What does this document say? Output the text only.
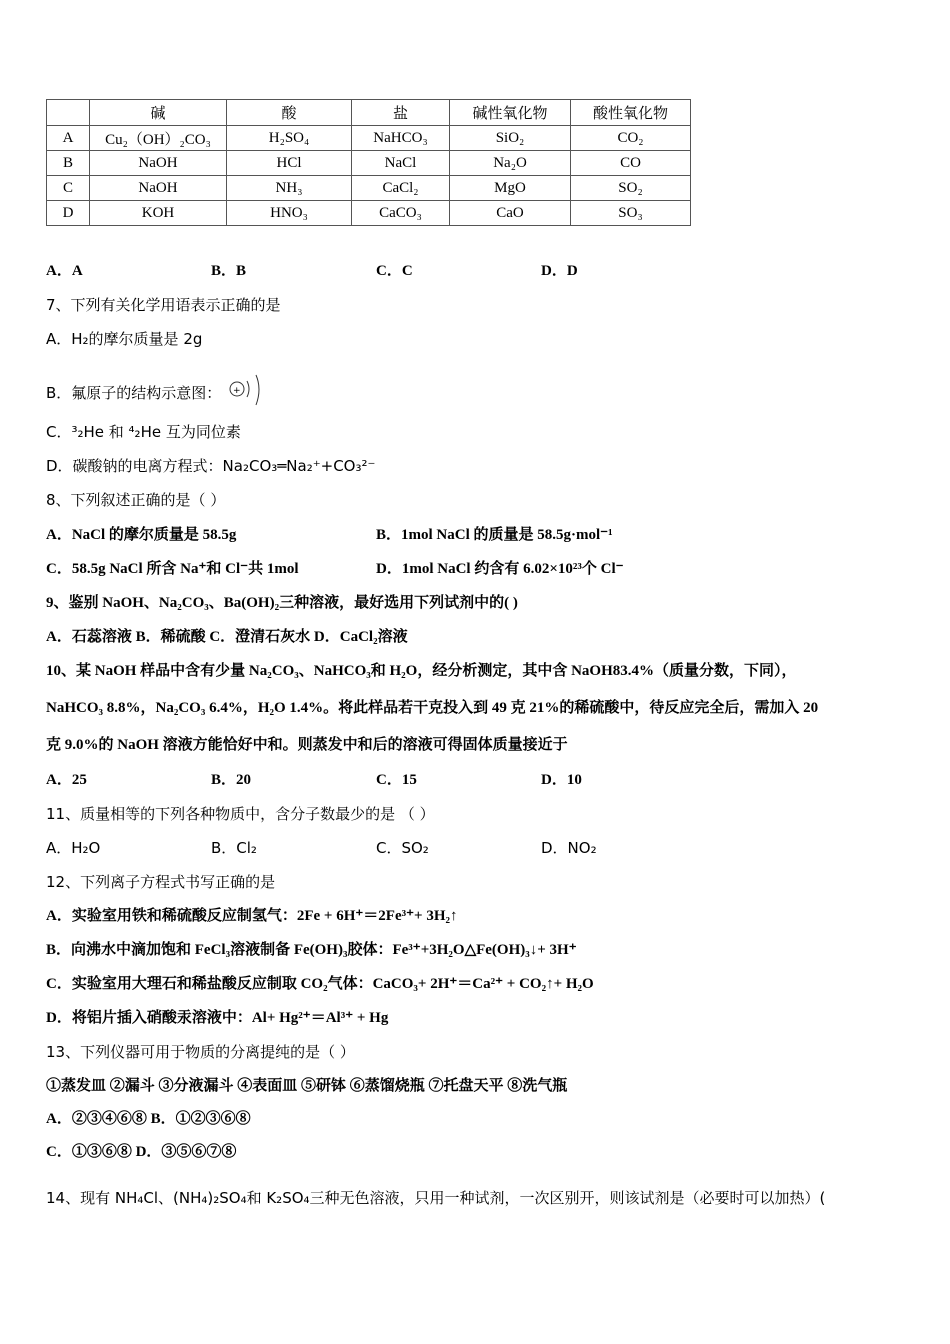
	碱	酸	盐	碱性氧化物	酸性氧化物
A	Cu₂（OH）₂CO₃	H₂SO₄	NaHCO₃	SiO₂	CO₂
B	NaOH	HCl	NaCl	Na₂O	CO
C	NaOH	NH₃	CaCl₂	MgO	SO₂
D	KOH	HNO₃	CaCO₃	CaO	SO₃
A．A	B．B	C．C	D．D
7、下列有关化学用语表示正确的是
A．H₂的摩尔质量是 2g
B．氟原子的结构示意图： +
C．³₂He 和 ⁴₂He 互为同位素
D．碳酸钠的电离方程式：Na₂CO₃═Na₂⁺+CO₃²⁻
8、下列叙述正确的是（ ）
A．NaCl 的摩尔质量是 58.5g	B．1mol NaCl 的质量是 58.5g·mol⁻¹
C．58.5g NaCl 所含 Na⁺和 Cl⁻共 1mol	D．1mol NaCl 约含有 6.02×10²³个 Cl⁻
9、鉴别 NaOH、Na₂CO₃、Ba(OH)₂三种溶液，最好选用下列试剂中的( )
A．石蕊溶液 B．稀硫酸 C．澄清石灰水 D．CaCl₂溶液
10、某 NaOH 样品中含有少量 Na₂CO₃、NaHCO₃和 H₂O，经分析测定，其中含 NaOH83.4%（质量分数，下同），
NaHCO₃ 8.8%，Na₂CO₃ 6.4%，H₂O 1.4%。将此样品若干克投入到 49 克 21%的稀硫酸中，待反应完全后，需加入 20
克 9.0%的 NaOH 溶液方能恰好中和。则蒸发中和后的溶液可得固体质量接近于
A．25	B．20	C．15	D．10
11、质量相等的下列各种物质中，含分子数最少的是 （ ）
A．H₂O	B．Cl₂	C．SO₂	D．NO₂
12、下列离子方程式书写正确的是
A．实验室用铁和稀硫酸反应制氢气：2Fe + 6H⁺＝2Fe³⁺+ 3H₂↑
B．向沸水中滴加饱和 FeCl₃溶液制备 Fe(OH)₃胶体：Fe³⁺+3H₂O△Fe(OH)₃↓+ 3H⁺
C．实验室用大理石和稀盐酸反应制取 CO₂气体：CaCO₃+ 2H⁺＝Ca²⁺ + CO₂↑+ H₂O
D．将铝片插入硝酸汞溶液中：Al+ Hg²⁺＝Al³⁺ + Hg
13、下列仪器可用于物质的分离提纯的是（ ）
①蒸发皿 ②漏斗 ③分液漏斗 ④表面皿 ⑤研钵 ⑥蒸馏烧瓶 ⑦托盘天平 ⑧洗气瓶
A．②③④⑥⑧ B．①②③⑥⑧
C．①③⑥⑧ D．③⑤⑥⑦⑧
14、现有 NH₄Cl、(NH₄)₂SO₄和 K₂SO₄三种无色溶液，只用一种试剂，一次区别开，则该试剂是（必要时可以加热）(
